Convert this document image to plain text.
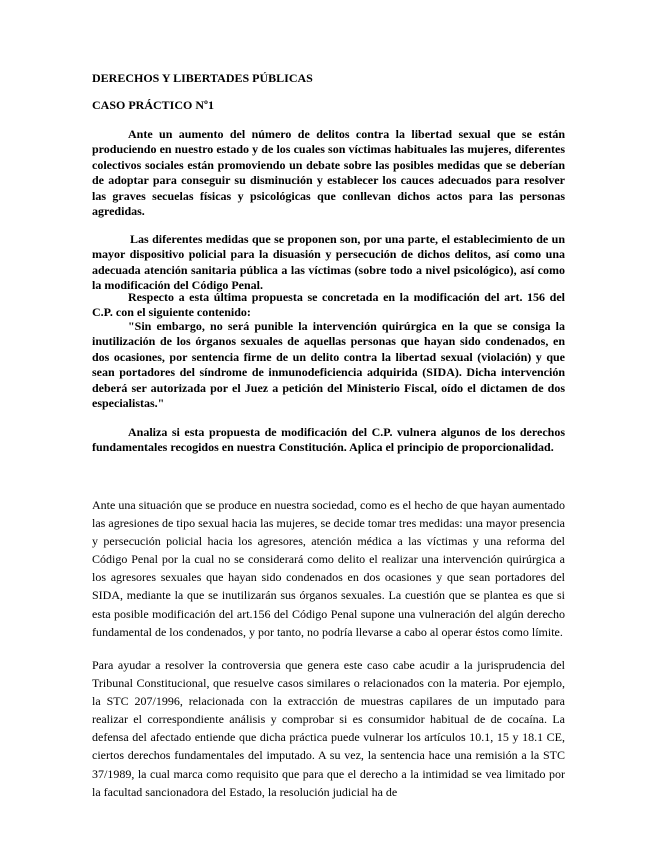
DERECHOS Y LIBERTADES PÚBLICAS
CASO PRÁCTICO Nº1

Ante un aumento del número de delitos contra la libertad sexual que se están produciendo en nuestro estado y de los cuales son víctimas habituales las mujeres, diferentes colectivos sociales están promoviendo un debate sobre las posibles medidas que se deberían de adoptar para conseguir su disminución y establecer los cauces adecuados para resolver las graves secuelas físicas y psicológicas que conllevan dichos actos para las personas agredidas.

Las diferentes medidas que se proponen son, por una parte, el establecimiento de un mayor dispositivo policial para la disuasión y persecución de dichos delitos, así como una adecuada atención sanitaria pública a las víctimas (sobre todo a nivel psicológico), así como la modificación del Código Penal.

Respecto a esta última propuesta se concretada en la modificación del art. 156 del C.P. con el siguiente contenido:

"Sin embargo, no será punible la intervención quirúrgica en la que se consiga la inutilización de los órganos sexuales de aquellas personas que hayan sido condenados, en dos ocasiones, por sentencia firme de un delito contra la libertad sexual (violación) y que sean portadores del síndrome de inmunodeficiencia adquirida (SIDA). Dicha intervención deberá ser autorizada por el Juez a petición del Ministerio Fiscal, oído el dictamen de dos especialistas."

Analiza si esta propuesta de modificación del C.P. vulnera algunos de los derechos fundamentales recogidos en nuestra Constitución. Aplica el principio de proporcionalidad.

Ante una situación que se produce en nuestra sociedad, como es el hecho de que hayan aumentado las agresiones de tipo sexual hacia las mujeres, se decide tomar tres medidas: una mayor presencia y persecución policial hacia los agresores, atención médica a las víctimas y una reforma del Código Penal por la cual no se considerará como delito el realizar una intervención quirúrgica a los agresores sexuales que hayan sido condenados en dos ocasiones y que sean portadores del SIDA, mediante la que se inutilizarán sus órganos sexuales. La cuestión que se plantea es que si esta posible modificación del art.156 del Código Penal supone una vulneración del algún derecho fundamental de los condenados, y por tanto, no podría llevarse a cabo al operar éstos como límite.

Para ayudar a resolver la controversia que genera este caso cabe acudir a la jurisprudencia del Tribunal Constitucional, que resuelve casos similares o relacionados con la materia. Por ejemplo, la STC 207/1996, relacionada con la extracción de muestras capilares de un imputado para realizar el correspondiente análisis y comprobar si es consumidor habitual de de cocaína. La defensa del afectado entiende que dicha práctica puede vulnerar los artículos 10.1, 15 y 18.1 CE, ciertos derechos fundamentales del imputado. A su vez, la sentencia hace una remisión a la STC 37/1989, la cual marca como requisito que para que el derecho a la intimidad se vea limitado por la facultad sancionadora del Estado, la resolución judicial ha de
